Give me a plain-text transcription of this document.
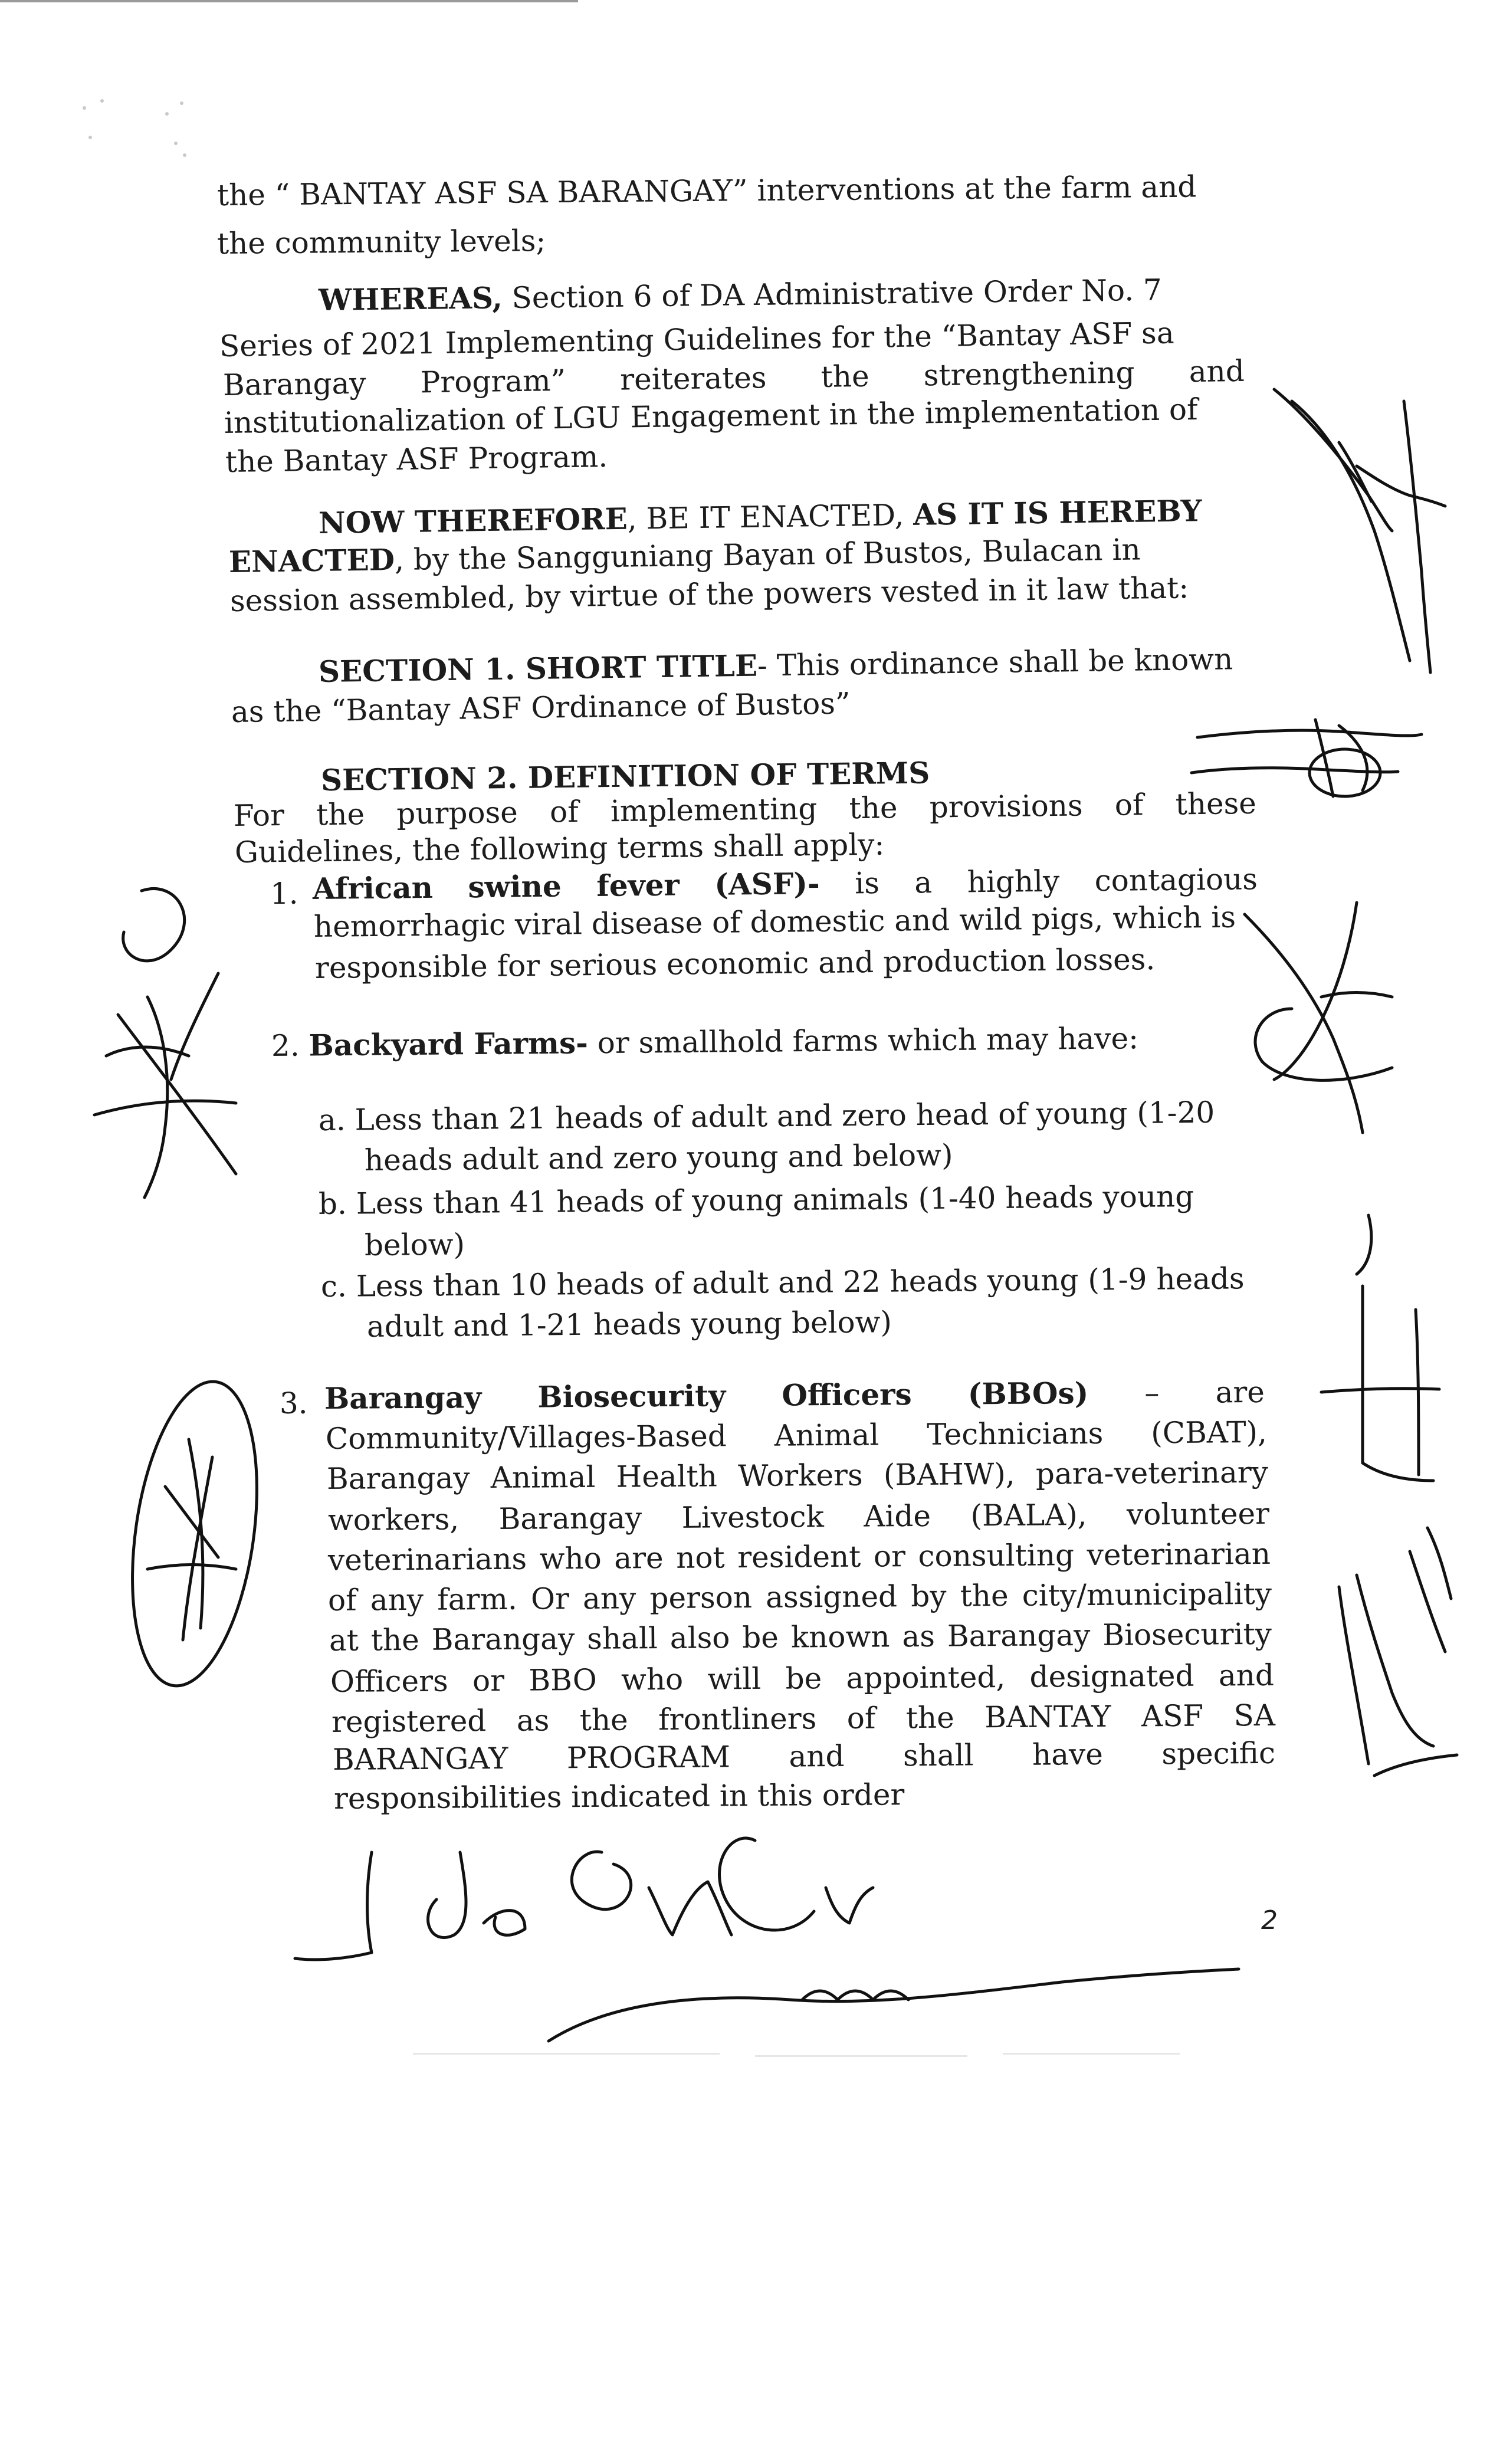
the “ BANTAY ASF SA BARANGAY” interventions at the farm and
the community levels;
WHEREAS, Section 6 of DA Administrative Order No. 7
Series of 2021 Implementing Guidelines for the “Bantay ASF sa
Barangay Program” reiterates the strengthening and
institutionalization of LGU Engagement in the implementation of
the Bantay ASF Program.
NOW THEREFORE, BE IT ENACTED, AS IT IS HEREBY
ENACTED, by the Sangguniang Bayan of Bustos, Bulacan in
session assembled, by virtue of the powers vested in it law that:
SECTION 1. SHORT TITLE- This ordinance shall be known
as the “Bantay ASF Ordinance of Bustos”
SECTION 2. DEFINITION OF TERMS
For the purpose of implementing the provisions of these
Guidelines, the following terms shall apply:
1. African swine fever (ASF)- is a highly contagious
hemorrhagic viral disease of domestic and wild pigs, which is
responsible for serious economic and production losses.
2. Backyard Farms- or smallhold farms which may have:
a. Less than 21 heads of adult and zero head of young (1-20
heads adult and zero young and below)
b. Less than 41 heads of young animals (1-40 heads young
below)
c. Less than 10 heads of adult and 22 heads young (1-9 heads
adult and 1-21 heads young below)
3. Barangay Biosecurity Officers (BBOs) – are
Community/Villages-Based Animal Technicians (CBAT),
Barangay Animal Health Workers (BAHW), para-veterinary
workers, Barangay Livestock Aide (BALA), volunteer
veterinarians who are not resident or consulting veterinarian
of any farm. Or any person assigned by the city/municipality
at the Barangay shall also be known as Barangay Biosecurity
Officers or BBO who will be appointed, designated and
registered as the frontliners of the BANTAY ASF SA
BARANGAY PROGRAM and shall have specific
responsibilities indicated in this order
2
